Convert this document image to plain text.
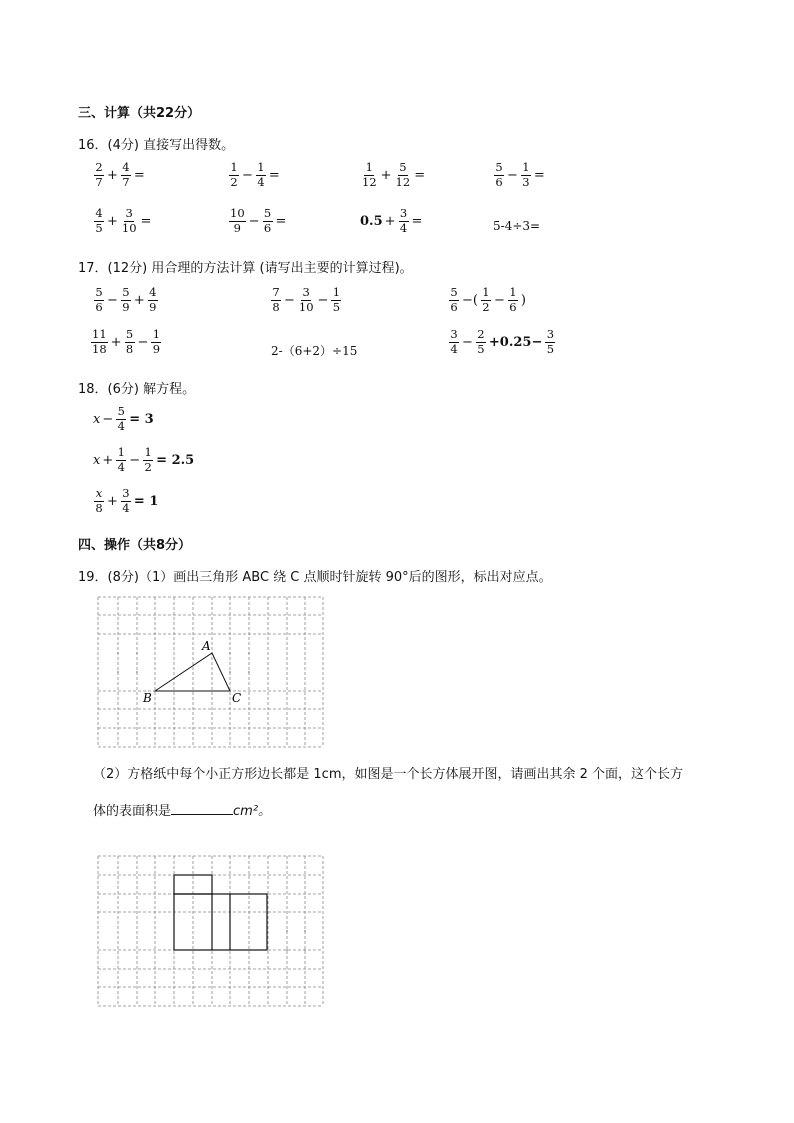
三、计算（共22分）
16．(4分) 直接写出得数。
$\frac{2}{7} + \frac{4}{7}$ =	$\frac{1}{2} - \frac{1}{4}$ =	$\frac{1}{12} + \frac{5}{12}$ =	$\frac{5}{6} - \frac{1}{3}$ =
$\frac{4}{5} + \frac{3}{10}$ =	$\frac{10}{9} - \frac{5}{6}$ =	$0.5 + \frac{3}{4}$ =	5-4÷3=
17．(12分) 用合理的方法计算 (请写出主要的计算过程)。
$\frac{5}{6} - \frac{5}{9} + \frac{4}{9}$	$\frac{7}{8} - \frac{3}{10} - \frac{1}{5}$	$\frac{5}{6}$ −( $\frac{1}{2} - \frac{1}{6}$ )
$\frac{11}{18} + \frac{5}{8} - \frac{1}{9}$	2-（6+2）÷15	$\frac{3}{4} - \frac{2}{5} +0.25- \frac{3}{5}$
18．(6分) 解方程。
$x - \frac{5}{4} = 3$
$x + \frac{1}{4} - \frac{1}{2} = 2.5$
$\frac{x}{8} + \frac{3}{4} = 1$
四、操作（共8分）
19．(8分)（1）画出三角形 ABC 绕 C 点顺时针旋转 90°后的图形，标出对应点。
A
B	C
（2）方格纸中每个小正方形边长都是 1cm，如图是一个长方体展开图，请画出其余 2 个面，这个长方
体的表面积是	cm²。
